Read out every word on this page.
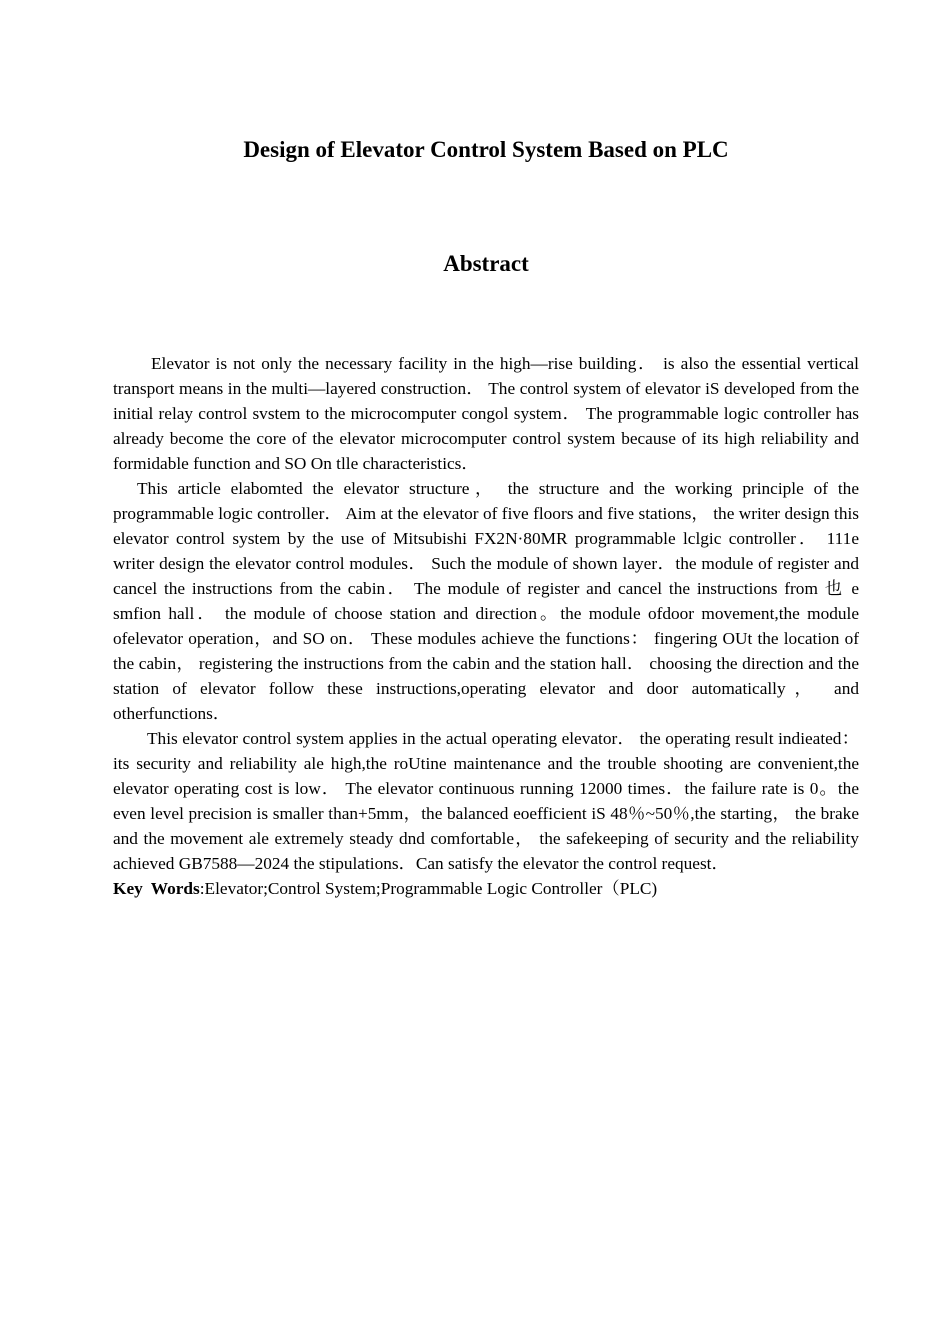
Design of Elevator Control System Based on PLC
Abstract

Elevator is not only the necessary facility in the high—rise building． is also the essential vertical transport means in the multi—layered construction． The control system of elevator iS developed from the initial relay control svstem to the microcomputer congol system． The programmable logic controller has already become the core of the elevator microcomputer control system because of its high reliability and formidable function and SO On tlle characteristics．

This article elabomted the elevator structure， the structure and the working principle of the programmable logic controller． Aim at the elevator of five floors and five stations， the writer design this elevator control system by the use of Mitsubishi FX2N·80MR programmable lclgic controller． 111e writer design the elevator control modules． Such the module of shown layer．the module of register and cancel the instructions from the cabin． The module of register and cancel the instructions from 也 e smfion hall． the module of choose station and direction。the module ofdoor movement,the module ofelevator operation，and SO on． These modules achieve the functions： fingering OUt the location of the cabin， registering the instructions from the cabin and the station hall． choosing the direction and the station of elevator follow these instructions,operating elevator and door automatically， and otherfunctions．

This elevator control system applies in the actual operating elevator． the operating result indieated：its security and reliability ale high,the roUtine maintenance and the trouble shooting are convenient,the elevator operating cost is low． The elevator continuous running 12000 times．the failure rate is 0。the even level precision is smaller than+5mm，the balanced eoefficient iS 48％~50％,the starting， the brake and the movement ale extremely steady dnd comfortable， the safekeeping of security and the reliability achieved GB7588—2024 the stipulations．Can satisfy the elevator the control request．

Key Words:Elevator;Control System;Programmable Logic Controller（PLC)
